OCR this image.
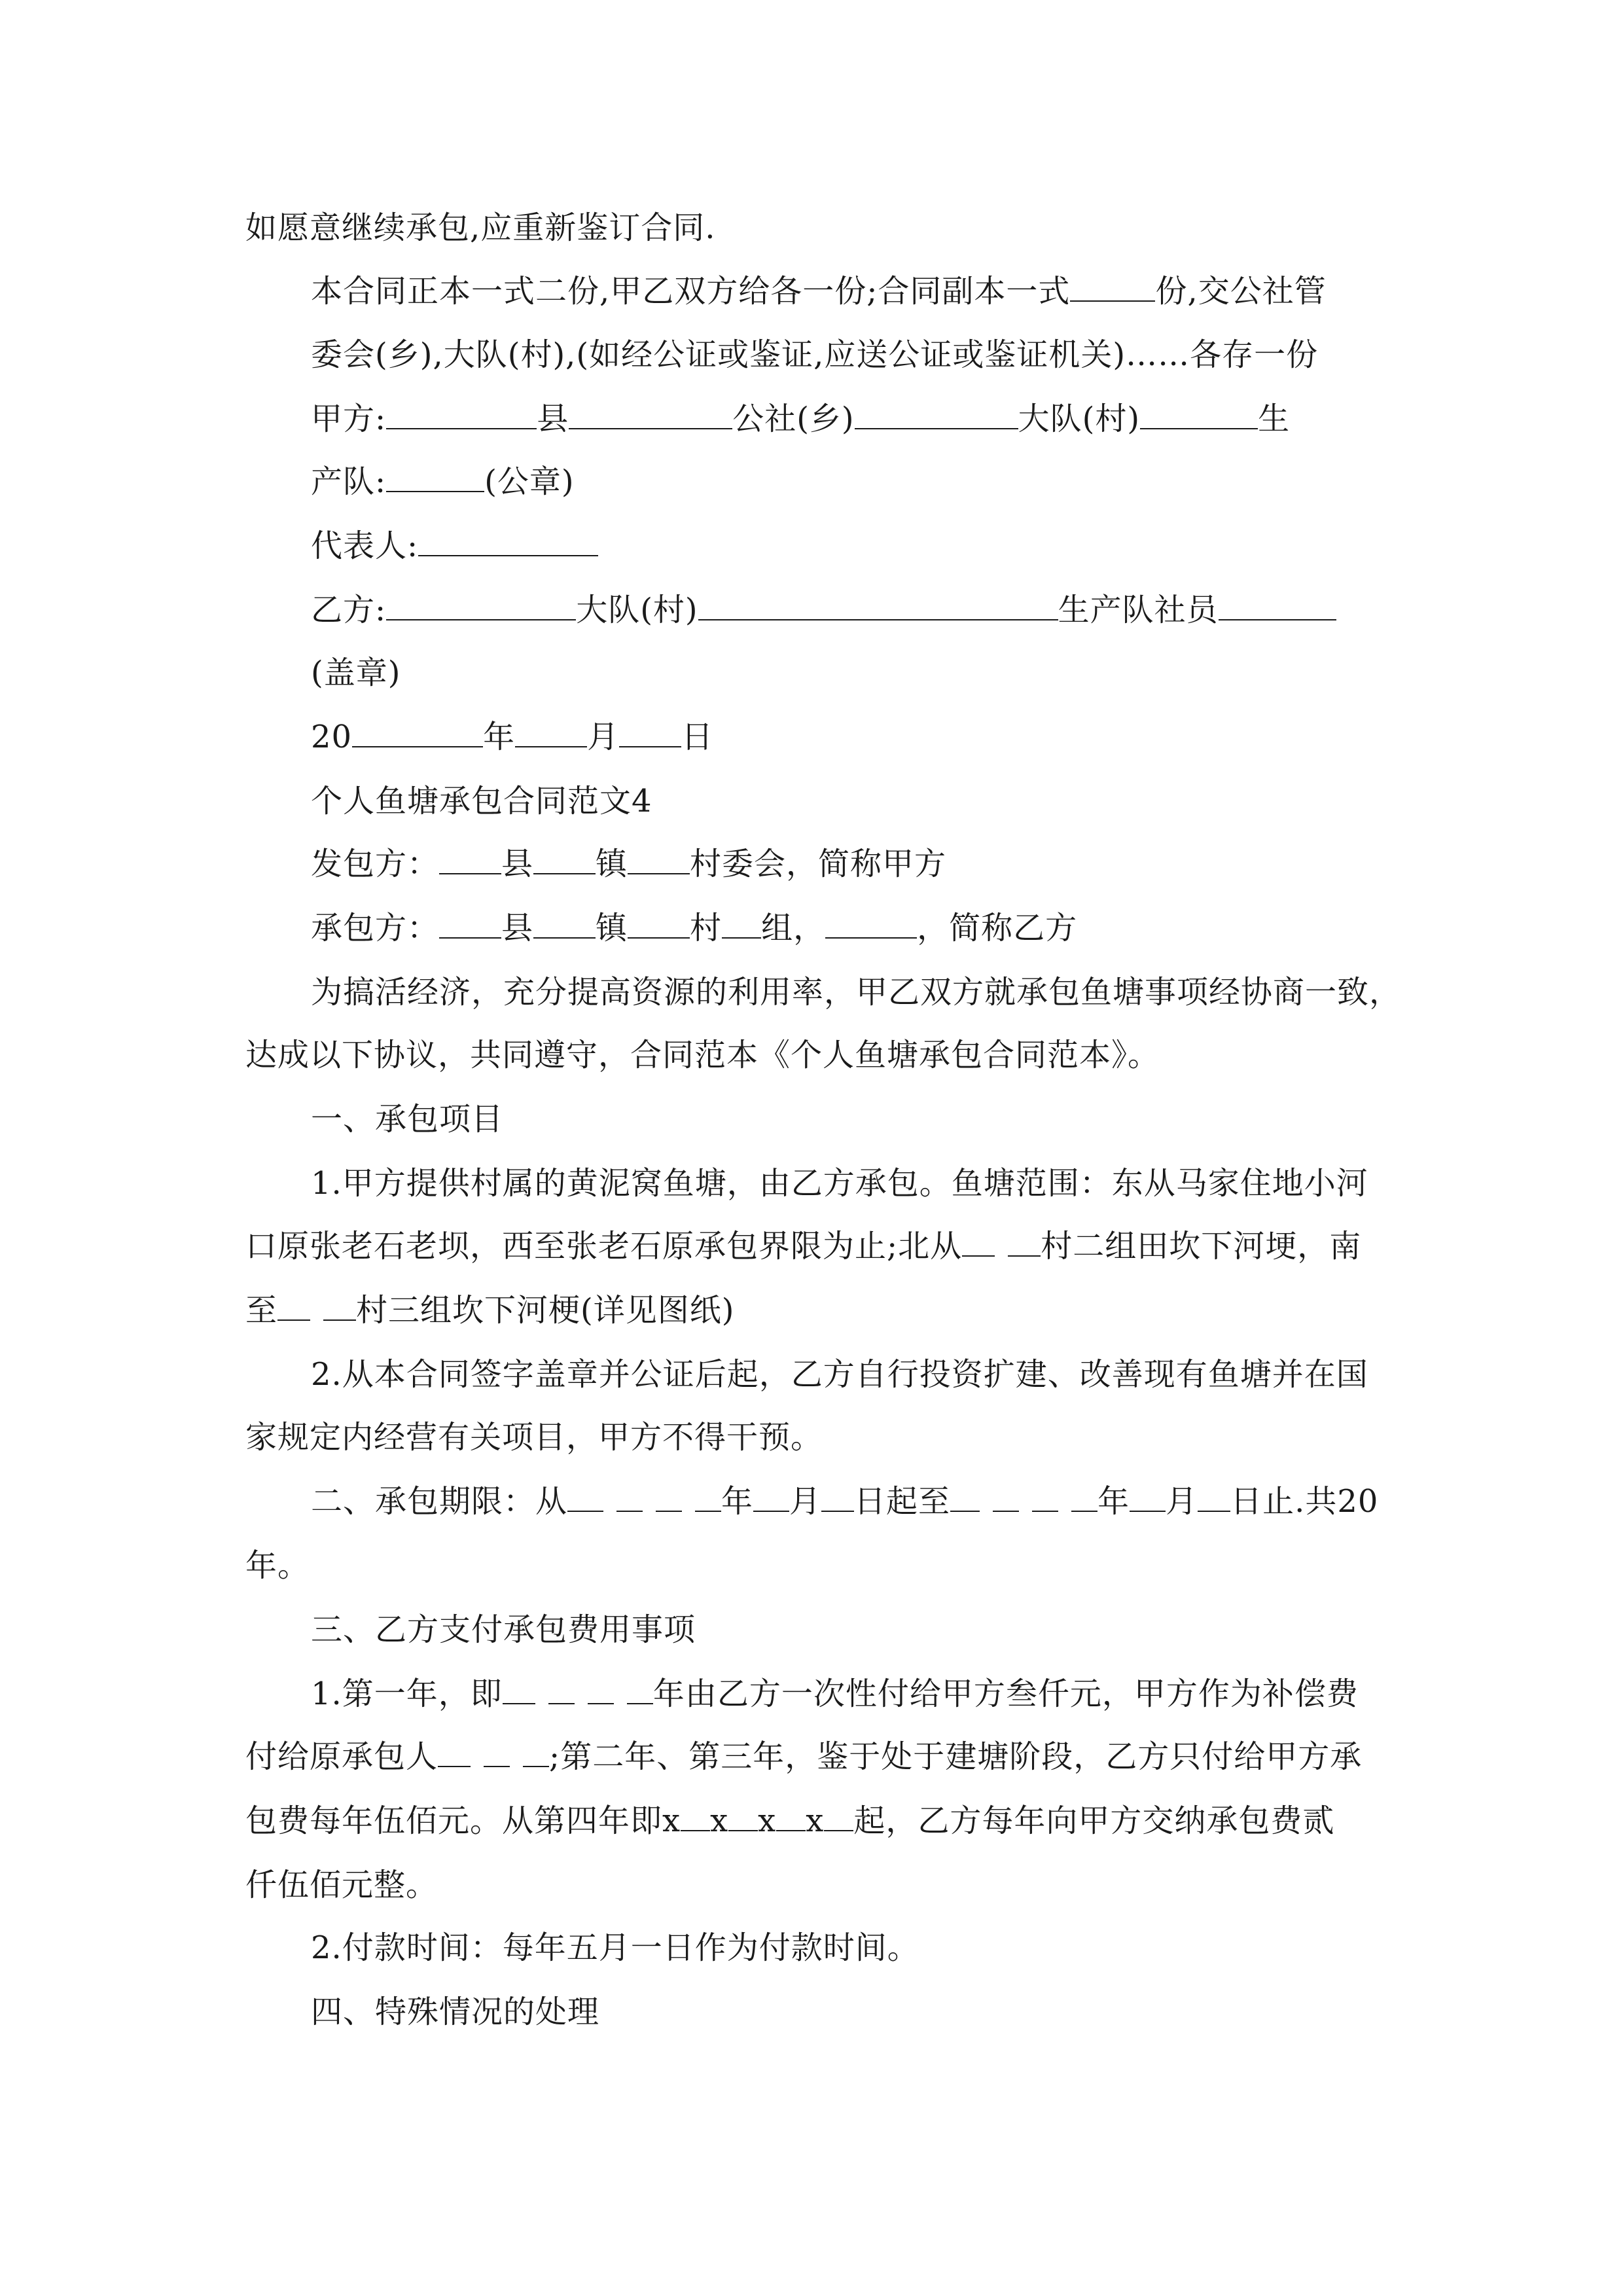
如愿意继续承包,应重新鉴订合同.
本合同正本一式二份,甲乙双方给各一份;合同副本一式	份,交公社管
委会(乡),大队(村),(如经公证或鉴证,应送公证或鉴证机关)……各存一份
甲方:	县	公社(乡)	大队(村)	生
产队:	(公章)
代表人:
乙方:	大队(村)	生产队社员
(盖章)
20	年 月 日
个人鱼塘承包合同范文4
发包方： 县 镇 村委会，简称甲方
承包方： 县 镇 村 组，	，简称乙方
为搞活经济，充分提高资源的利用率，甲乙双方就承包鱼塘事项经协商一致，
达成以下协议，共同遵守，合同范本《个人鱼塘承包合同范本》。
一、承包项目
1.甲方提供村属的黄泥窝鱼塘，由乙方承包。鱼塘范围：东从马家住地小河
口原张老石老坝，西至张老石原承包界限为止;北从	村二组田坎下河埂，南
至	村三组坎下河梗(详见图纸)
2.从本合同签字盖章并公证后起，乙方自行投资扩建、改善现有鱼塘并在国
家规定内经营有关项目，甲方不得干预。
二、承包期限：从	年 月 日起至	年 月 日止.共20
年。
三、乙方支付承包费用事项
1.第一年，即	年由乙方一次性付给甲方叁仟元，甲方作为补偿费
付给原承包人	;第二年、第三年，鉴于处于建塘阶段，乙方只付给甲方承
包费每年伍佰元。从第四年即x x x x 起，乙方每年向甲方交纳承包费贰
仟伍佰元整。
2.付款时间：每年五月一日作为付款时间。
四、特殊情况的处理
